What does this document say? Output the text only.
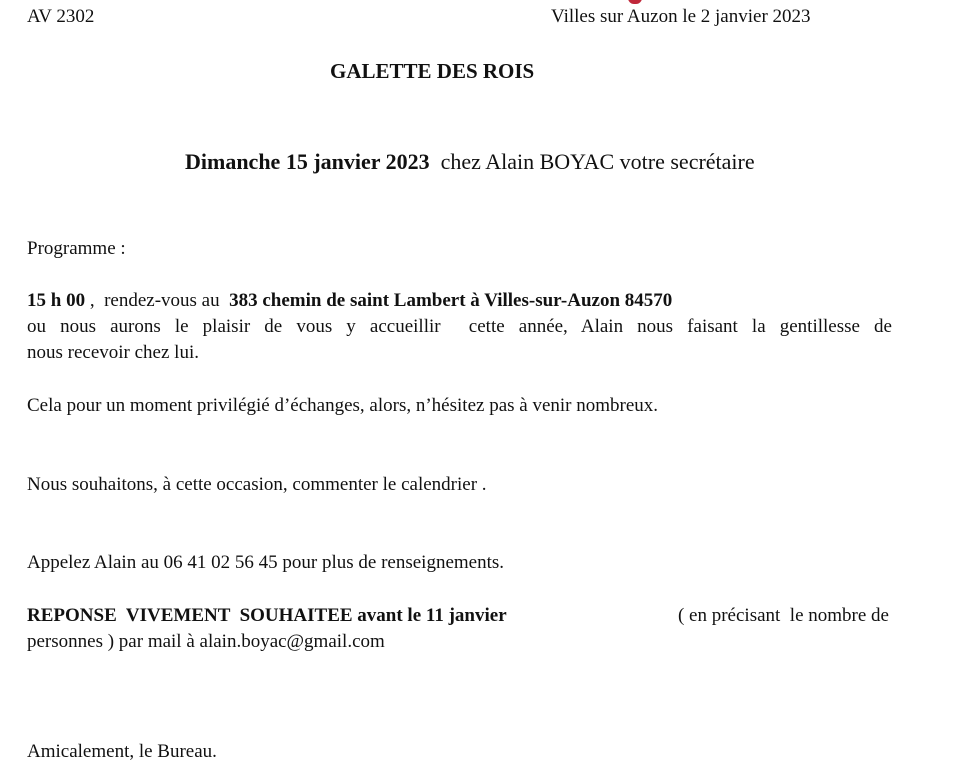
AV 2302	Villes sur Auzon le 2 janvier 2023
GALETTE DES ROIS
Dimanche 15 janvier 2023  chez Alain BOYAC votre secrétaire
Programme :
15 h 00 ,  rendez-vous au  383 chemin de saint Lambert à Villes-sur-Auzon 84570
ou nous aurons le plaisir de vous y accueillir  cette année, Alain nous faisant la gentillesse de
nous recevoir chez lui.
Cela pour un moment privilégié d’échanges, alors, n’hésitez pas à venir nombreux.
Nous souhaitons, à cette occasion, commenter le calendrier .
Appelez Alain au 06 41 02 56 45 pour plus de renseignements.
REPONSE  VIVEMENT  SOUHAITEE avant le 11 janvier	( en précisant  le nombre de
personnes ) par mail à alain.boyac@gmail.com
Amicalement, le Bureau.
